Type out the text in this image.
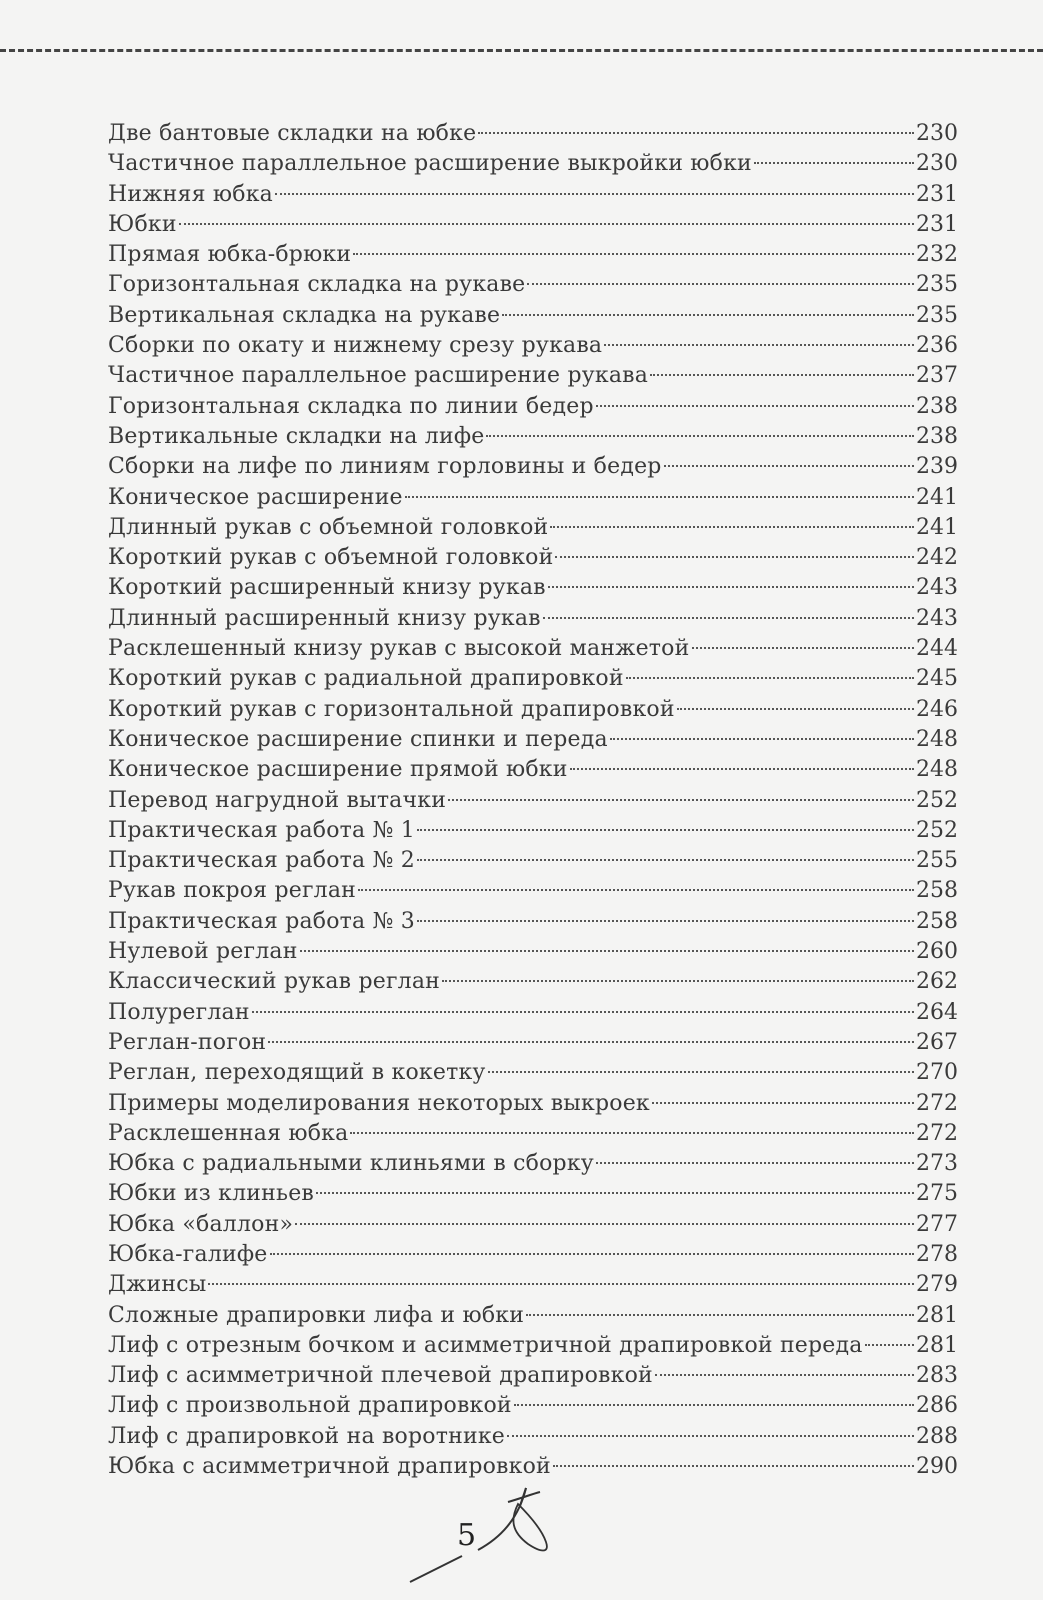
Две бантовые складки на юбке	230
Частичное параллельное расширение выкройки юбки	230
Нижняя юбка	231
Юбки	231
Прямая юбка-брюки	232
Горизонтальная складка на рукаве	235
Вертикальная складка на рукаве	235
Сборки по окату и нижнему срезу рукава	236
Частичное параллельное расширение рукава	237
Горизонтальная складка по линии бедер	238
Вертикальные складки на лифе	238
Сборки на лифе по линиям горловины и бедер	239
Коническое расширение	241
Длинный рукав с объемной головкой	241
Короткий рукав с объемной головкой	242
Короткий расширенный книзу рукав	243
Длинный расширенный книзу рукав	243
Расклешенный книзу рукав с высокой манжетой	244
Короткий рукав с радиальной драпировкой	245
Короткий рукав с горизонтальной драпировкой	246
Коническое расширение спинки и переда	248
Коническое расширение прямой юбки	248
Перевод нагрудной вытачки	252
Практическая работа № 1	252
Практическая работа № 2	255
Рукав покроя реглан	258
Практическая работа № 3	258
Нулевой реглан	260
Классический рукав реглан	262
Полуреглан	264
Реглан-погон	267
Реглан, переходящий в кокетку	270
Примеры моделирования некоторых выкроек	272
Расклешенная юбка	272
Юбка с радиальными клиньями в сборку	273
Юбки из клиньев	275
Юбка «баллон»	277
Юбка-галифе	278
Джинсы	279
Сложные драпировки лифа и юбки	281
Лиф с отрезным бочком и асимметричной драпировкой переда 281
Лиф с асимметричной плечевой драпировкой	283
Лиф с произвольной драпировкой	286
Лиф с драпировкой на воротнике	288
Юбка с асимметричной драпировкой	290
5
